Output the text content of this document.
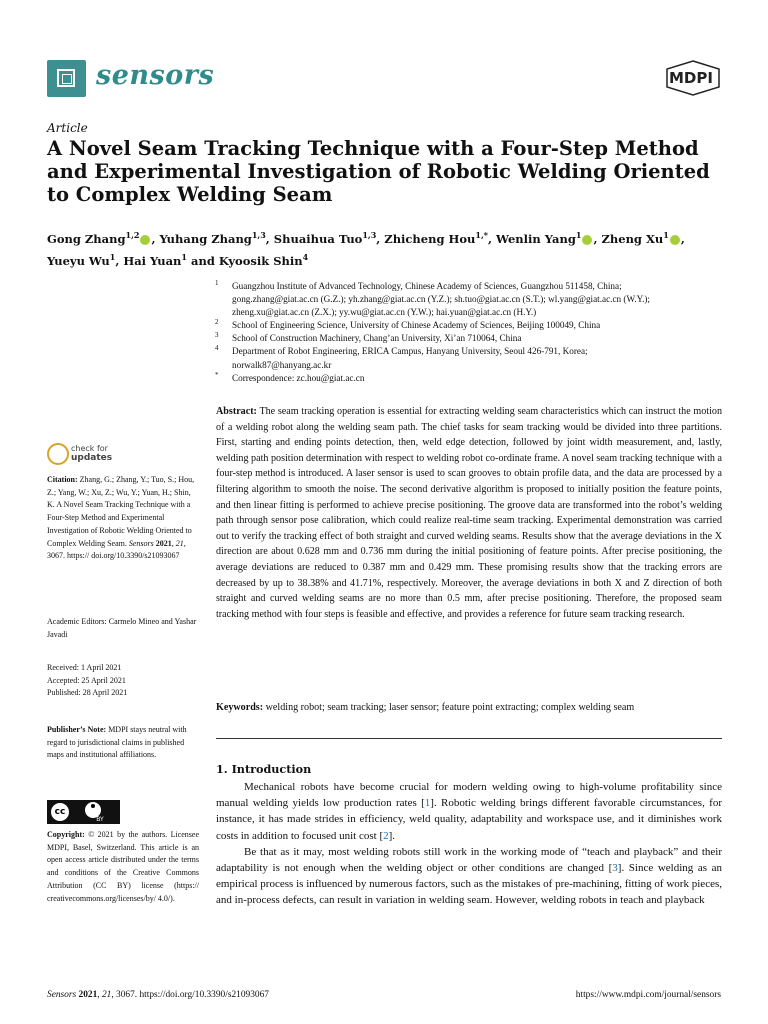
sensors	MDPI
Article
A Novel Seam Tracking Technique with a Four-Step Method and Experimental Investigation of Robotic Welding Oriented to Complex Welding Seam
Gong Zhang$^{1,2}$ , Yuhang Zhang$^{1,3}$, Shuaihua Tuo$^{1,3}$, Zhicheng Hou$^{1,*}$, Wenlin Yang$^1$ , Zheng Xu$^1$ ,
Yueyu Wu$^1$, Hai Yuan$^1$ and Kyoosik Shin$^4$
1 Guangzhou Institute of Advanced Technology, Chinese Academy of Sciences, Guangzhou 511458, China;
gong.zhang@giat.ac.cn (G.Z.); yh.zhang@giat.ac.cn (Y.Z.); sh.tuo@giat.ac.cn (S.T.); wl.yang@giat.ac.cn (W.Y.);
zheng.xu@giat.ac.cn (Z.X.); yy.wu@giat.ac.cn (Y.W.); hai.yuan@giat.ac.cn (H.Y.)
2 School of Engineering Science, University of Chinese Academy of Sciences, Beijing 100049, China
3 School of Construction Machinery, Chang’an University, Xi’an 710064, China
4 Department of Robot Engineering, ERICA Campus, Hanyang University, Seoul 426-791, Korea;
norwalk87@hanyang.ac.kr
* Correspondence: zc.hou@giat.ac.cn
Abstract: The seam tracking operation is essential for extracting welding seam characteristics which can instruct the motion of a welding robot along the welding seam path. The chief tasks for seam tracking would be divided into three partitions. First, starting and ending points detection, then, weld edge detection, followed by joint width measurement, and, lastly, welding path position determination with respect to welding robot co-ordinate frame. A novel seam tracking technique with a four-step method is introduced. A laser sensor is used to scan grooves to obtain profile data, and the data are processed by a filtering algorithm to smooth the noise. The second derivative algorithm is proposed to initially position the feature points, and then linear fitting is performed to achieve precise positioning. The groove data are transformed into the robot’s welding path through sensor pose calibration, which could realize real-time seam tracking. Experimental demonstration was carried out to verify the tracking effect of both straight and curved welding seams. Results show that the average deviations in the X direction are about 0.628 mm and 0.736 mm during the initial positioning of feature points. After precise positioning, the average deviations are reduced to 0.387 mm and 0.429 mm. These promising results show that the tracking errors are decreased by up to 38.38% and 41.71%, respectively. Moreover, the average deviations in both X and Z direction of both straight and curved welding seams are no more than 0.5 mm, after precise positioning. Therefore, the proposed seam tracking method with four steps is feasible and effective, and provides a reference for future seam tracking research.
Keywords: welding robot; seam tracking; laser sensor; feature point extracting; complex welding seam
1. Introduction

Mechanical robots have become crucial for modern welding owing to high-volume profitability since manual welding yields low production rates [1]. Robotic welding brings different favorable circumstances, for instance, it has made strides in efficiency, weld quality, adaptability and workspace use, and it diminishes work costs in addition to focused unit cost [2].

Be that as it may, most welding robots still work in the working mode of “teach and playback” and their adaptability is not enough when the welding object or other conditions are changed [3]. Since welding as an empirical process is influenced by numerous factors, such as the mistakes of pre-machining, fitting of work pieces, and in-process defects, can result in variation in welding seam. However, welding robots in teach and playback

check for
updates
Citation: Zhang, G.; Zhang, Y.; Tuo, S.; Hou, Z.; Yang, W.; Xu, Z.; Wu, Y.; Yuan, H.; Shin, K. A Novel Seam Tracking Technique with a Four-Step Method and Experimental Investigation of Robotic Welding Oriented to Complex Welding Seam. Sensors 2021, 21, 3067. https:// doi.org/10.3390/s21093067
Academic Editors: Carmelo Mineo and Yashar Javadi
Received: 1 April 2021
Accepted: 25 April 2021
Published: 28 April 2021
Publisher’s Note: MDPI stays neutral with regard to jurisdictional claims in published maps and institutional affiliations.
cc
BY
Copyright: © 2021 by the authors. Licensee MDPI, Basel, Switzerland. This article is an open access article distributed under the terms and conditions of the Creative Commons Attribution (CC BY) license (https:// creativecommons.org/licenses/by/ 4.0/).
Sensors 2021, 21, 3067. https://doi.org/10.3390/s21093067	https://www.mdpi.com/journal/sensors
